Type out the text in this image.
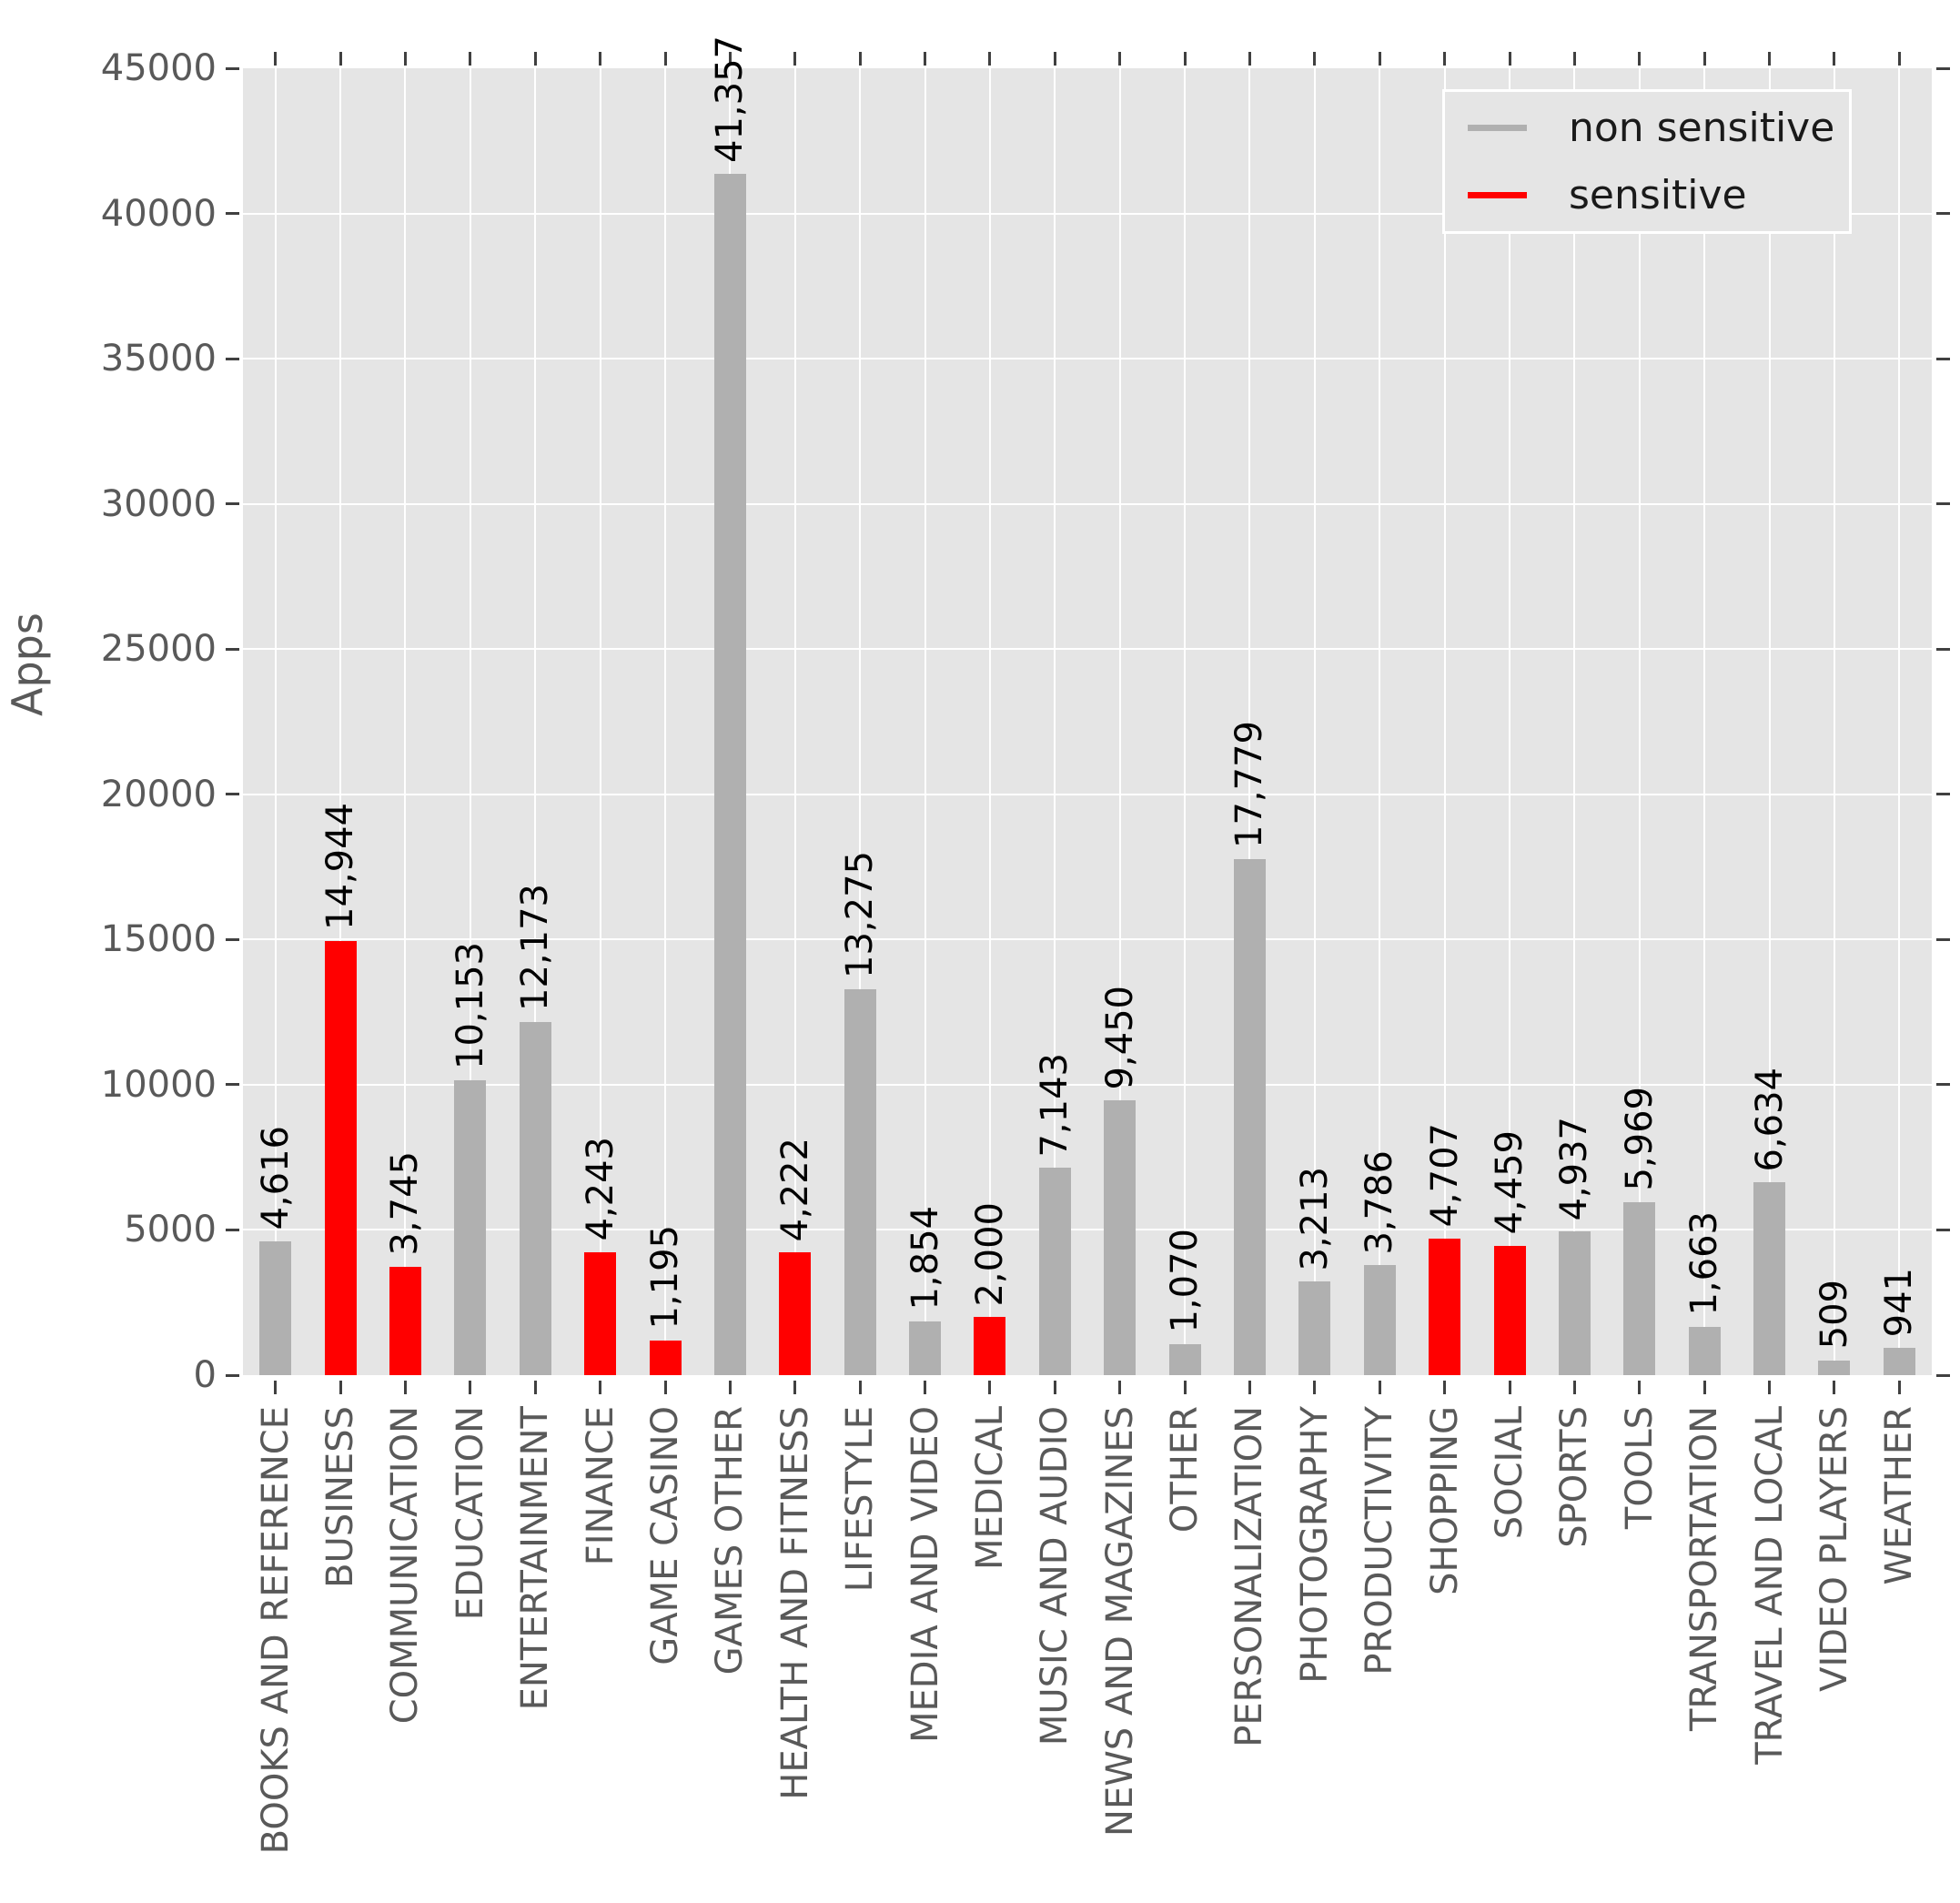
Apps
non sensitive
sensitive
0
5000
10000
15000
20000
25000
30000
35000
40000
45000
4,616
BOOKS AND REFERENCE
14,944
BUSINESS
3,745
COMMUNICATION
10,153
EDUCATION
12,173
ENTERTAINMENT
4,243
FINANCE
1,195
GAME CASINO
41,357
GAMES OTHER
4,222
HEALTH AND FITNESS
13,275
LIFESTYLE
1,854
MEDIA AND VIDEO
2,000
MEDICAL
7,143
MUSIC AND AUDIO
9,450
NEWS AND MAGAZINES
1,070
OTHER
17,779
PERSONALIZATION
3,213
PHOTOGRAPHY
3,786
PRODUCTIVITY
4,707
SHOPPING
4,459
SOCIAL
4,937
SPORTS
5,969
TOOLS
1,663
TRANSPORTATION
6,634
TRAVEL AND LOCAL
509
VIDEO PLAYERS
941
WEATHER
